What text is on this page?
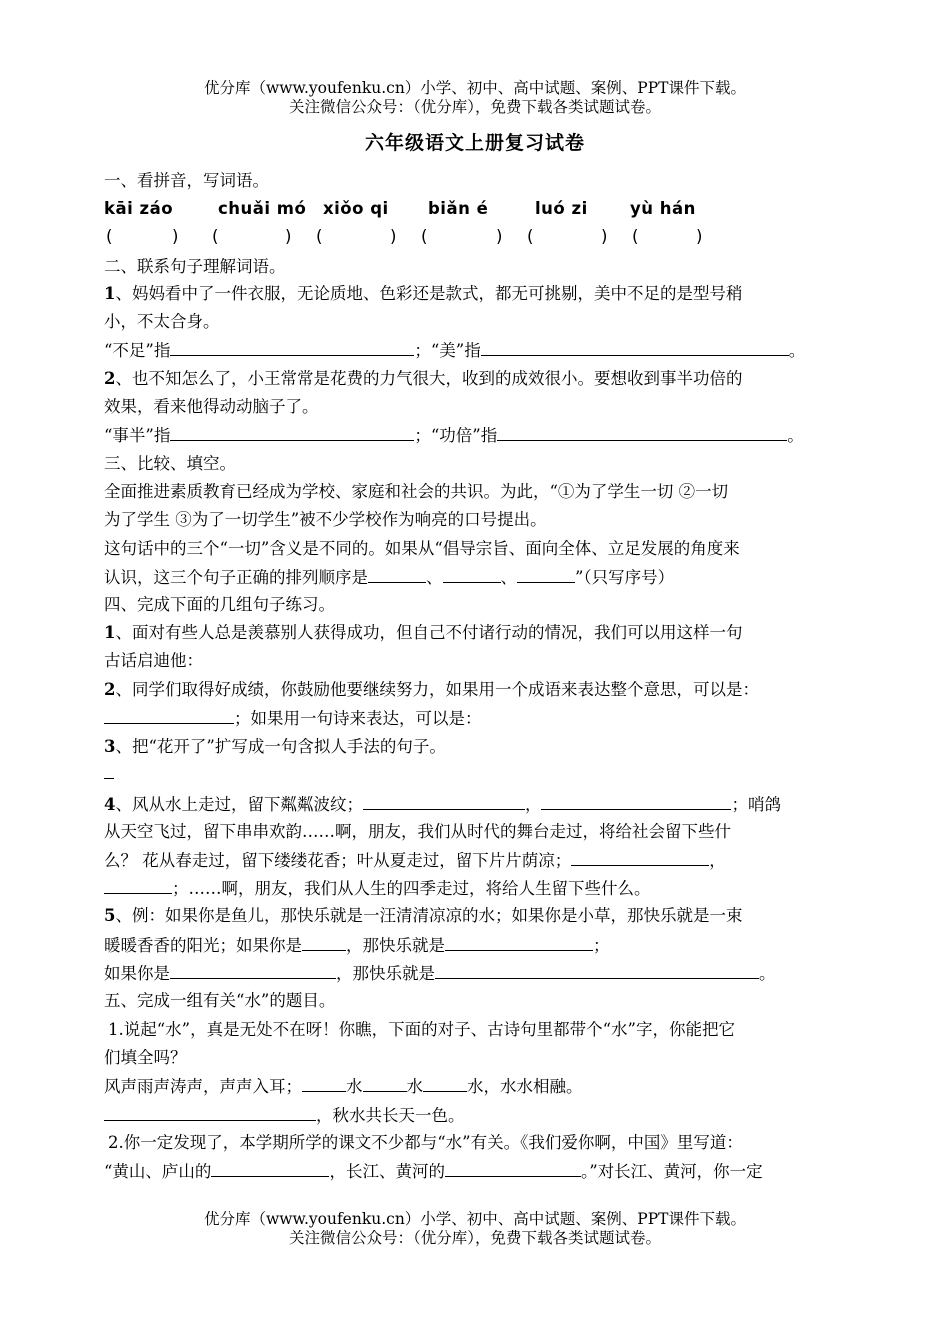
优分库（www.youfenku.cn）小学、初中、高中试题、案例、PPT课件下载。
关注微信公众号：（优分库），免费下载各类试题试卷。
六年级语文上册复习试卷
一、看拼音，写词语。
kāi záo	chuǎi mó xiǒo qi biǎn é	luó zi	yù hán
(	) (	) (	) (	) (	) (	)
二、联系句子理解词语。
1、妈妈看中了一件衣服，无论质地、色彩还是款式，都无可挑剔，美中不足的是型号稍
小，不太合身。
“不足”指	；“美”指	。
2、也不知怎么了，小王常常是花费的力气很大，收到的成效很小。要想收到事半功倍的
效果，看来他得动动脑子了。
“事半”指	；“功倍”指	。
三、比较、填空。
全面推进素质教育已经成为学校、家庭和社会的共识。为此，“①为了学生一切 ②一切
为了学生 ③为了一切学生”被不少学校作为响亮的口号提出。
这句话中的三个“一切”含义是不同的。如果从“倡导宗旨、面向全体、立足发展的角度来
认识，这三个句子正确的排列顺序是	、	、	”（只写序号）
四、完成下面的几组句子练习。
1、面对有些人总是羡慕别人获得成功，但自己不付诸行动的情况，我们可以用这样一句
古话启迪他：
2、同学们取得好成绩，你鼓励他要继续努力，如果用一个成语来表达整个意思，可以是：
；如果用一句诗来表达，可以是：
3、把“花开了”扩写成一句含拟人手法的句子。
4、风从水上走过，留下粼粼波纹；	，	；哨鸽
从天空飞过，留下串串欢韵……啊，朋友，我们从时代的舞台走过，将给社会留下些什
么？ 花从春走过，留下缕缕花香；叶从夏走过，留下片片荫凉；	，
；……啊，朋友，我们从人生的四季走过，将给人生留下些什么。
5、例：如果你是鱼儿，那快乐就是一汪清清凉凉的水；如果你是小草，那快乐就是一束
暖暖香香的阳光；如果你是	，那快乐就是	；
如果你是	，那快乐就是	。
五、完成一组有关“水”的题目。
1.说起“水”，真是无处不在呀！你瞧，下面的对子、古诗句里都带个“水”字，你能把它
们填全吗？
风声雨声涛声，声声入耳；	水	水	水，水水相融。
，秋水共长天一色。
2.你一定发现了，本学期所学的课文不少都与“水”有关。《我们爱你啊，中国》里写道：
“黄山、庐山的	，长江、黄河的	。”对长江、黄河，你一定
优分库（www.youfenku.cn）小学、初中、高中试题、案例、PPT课件下载。
关注微信公众号：（优分库），免费下载各类试题试卷。
